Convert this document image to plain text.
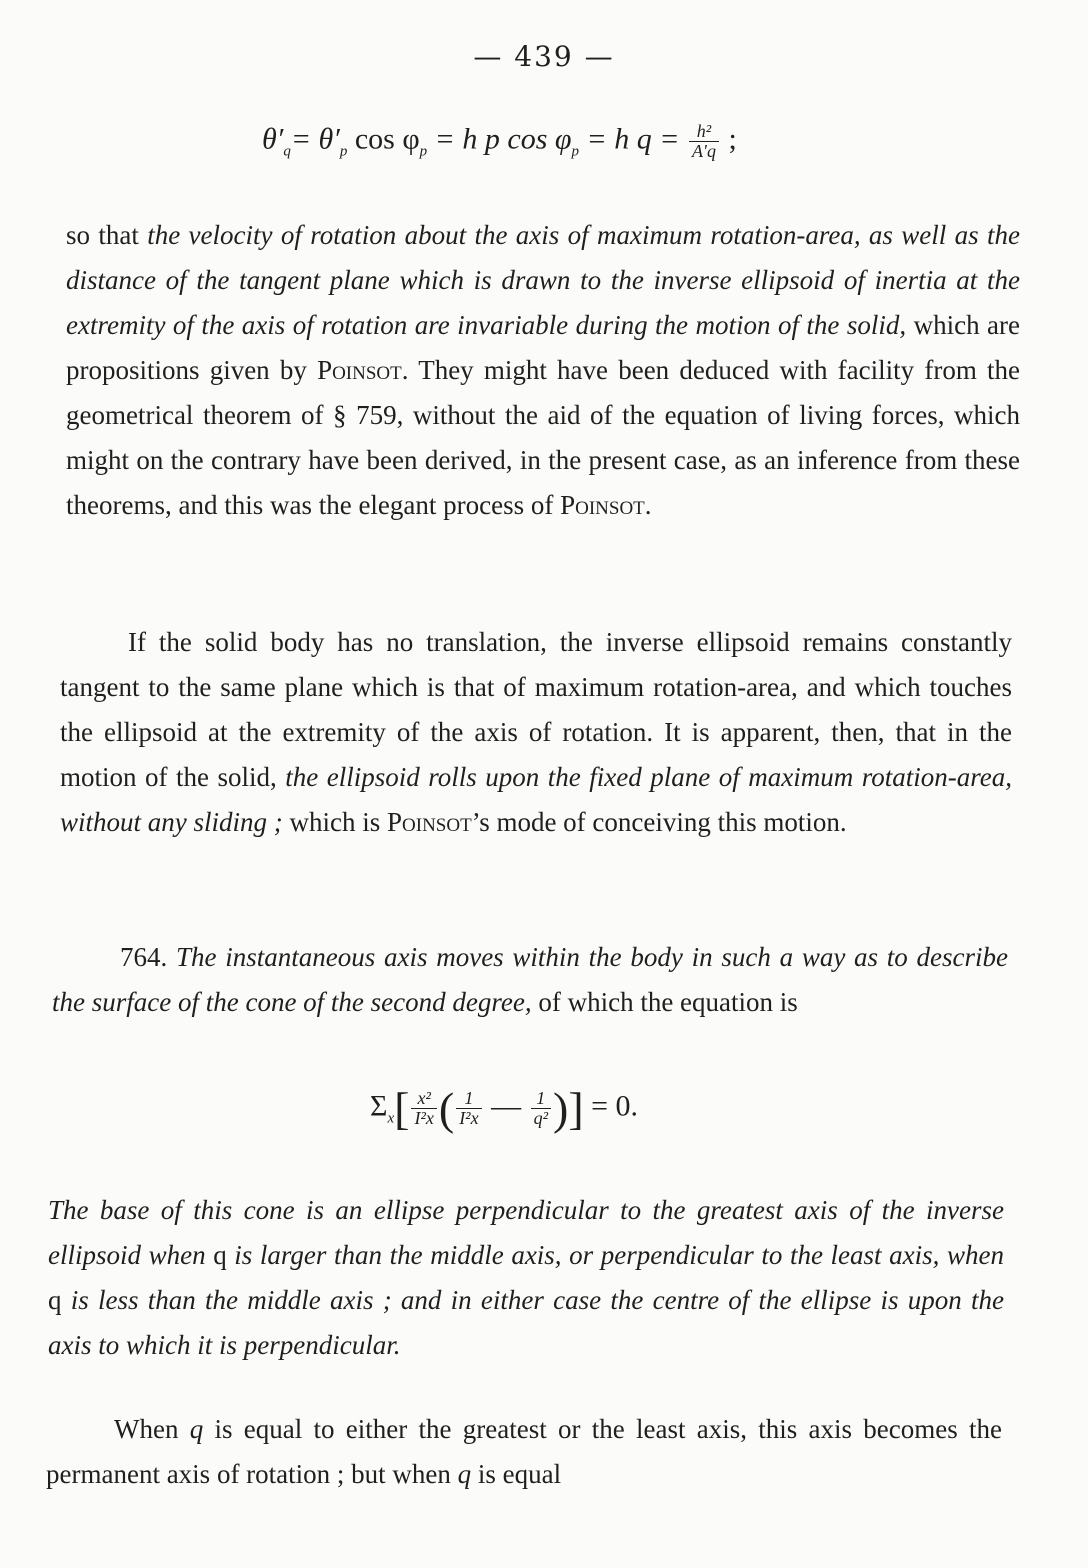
— 439 —
$\theta'_q= \theta'_p$ $\cos \varphi_p = h$ p $\cos \varphi_p = h$ $q = \frac{\text{h²}}{A'q}$ ;

so that the velocity of rotation about the axis of maximum rotation-area, as well as the distance of the tangent plane which is drawn to the inverse ellipsoid of inertia at the extremity of the axis of rotation are invariable during the motion of the solid, which are propositions given by Poinsot. They might have been deduced with facility from the geometrical theorem of § 759, without the aid of the equation of living forces, which might on the contrary have been derived, in the present case, as an inference from these theorems, and this was the elegant process of Poinsot.

If the solid body has no translation, the inverse ellipsoid remains constantly tangent to the same plane which is that of maximum rotation-area, and which touches the ellipsoid at the extremity of the axis of rotation. It is apparent, then, that in the motion of the solid, the ellipsoid rolls upon the fixed plane of maximum rotation-area, without any sliding ; which is Poinsot’s mode of conceiving this motion.

764. The instantaneous axis moves within the body in such a way as to describe the surface of the cone of the second degree, of which the equation is

$\Sigma_x[ \frac{\text{x²}}{\text{I²x}}$ ( $\frac{1}{\text{I²x}}$ — $\frac{1}{\text{q²}}$ )] = 0.

The base of this cone is an ellipse perpendicular to the greatest axis of the inverse ellipsoid when q is larger than the middle axis, or perpendicular to the least axis, when q is less than the middle axis ; and in either case the centre of the ellipse is upon the axis to which it is perpendicular.

When q is equal to either the greatest or the least axis, this axis becomes the permanent axis of rotation ; but when q is equal
